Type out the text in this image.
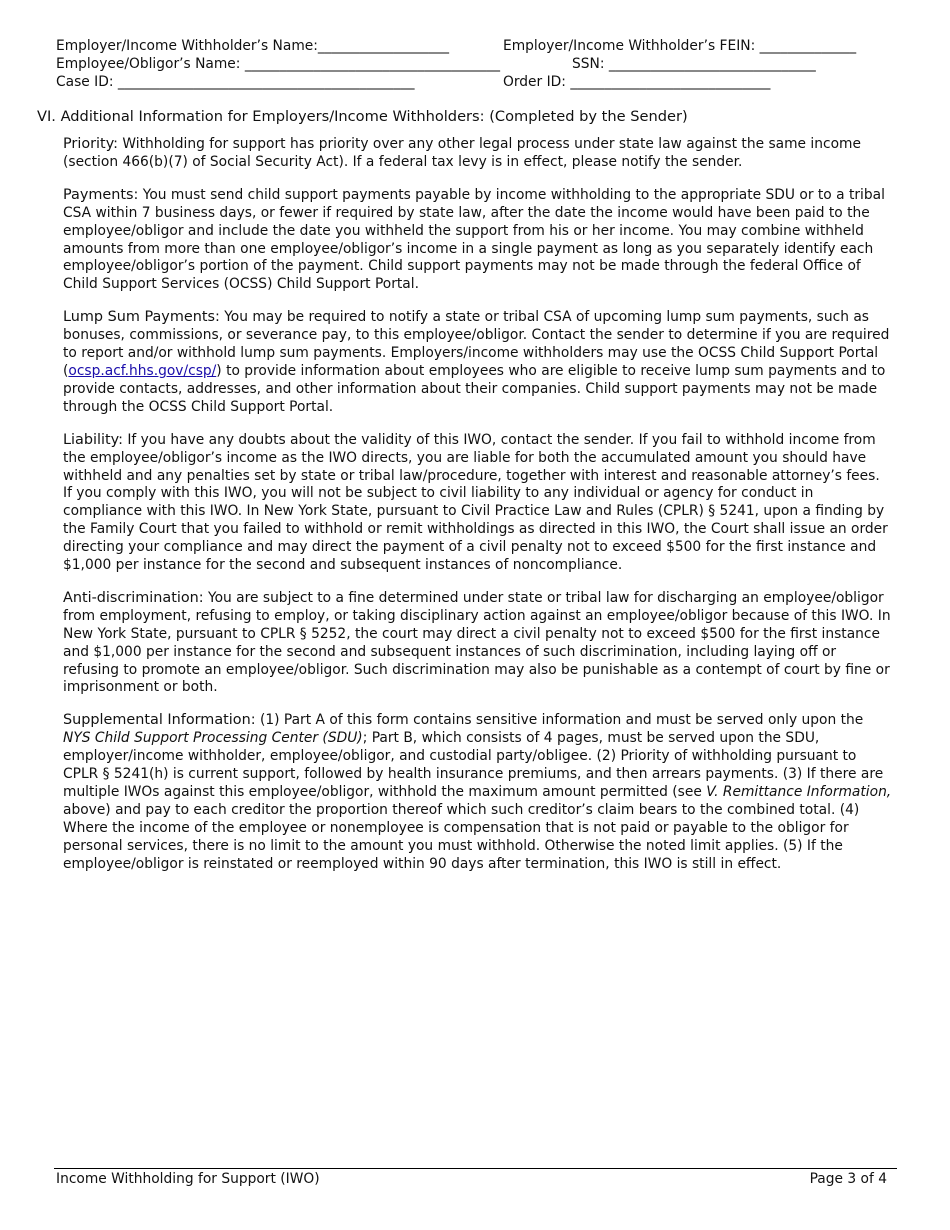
Employer/Income Withholder’s Name:___________________	Employer/Income Withholder’s FEIN: ______________
Employee/Obligor’s Name: _____________________________________	SSN: ______________________________
Case ID: ___________________________________________	Order ID: _____________________________
VI. Additional Information for Employers/Income Withholders: (Completed by the Sender)

Priority: Withholding for support has priority over any other legal process under state law against the same income (section 466(b)(7) of Social Security Act). If a federal tax levy is in effect, please notify the sender.

Payments: You must send child support payments payable by income withholding to the appropriate SDU or to a tribal CSA within 7 business days, or fewer if required by state law, after the date the income would have been paid to the employee/obligor and include the date you withheld the support from his or her income. You may combine withheld amounts from more than one employee/obligor’s income in a single payment as long as you separately identify each employee/obligor’s portion of the payment. Child support payments may not be made through the federal Office of Child Support Services (OCSS) Child Support Portal.

Lump Sum Payments: You may be required to notify a state or tribal CSA of upcoming lump sum payments, such as bonuses, commissions, or severance pay, to this employee/obligor. Contact the sender to determine if you are required to report and/or withhold lump sum payments. Employers/income withholders may use the OCSS Child Support Portal (ocsp.acf.hhs.gov/csp/) to provide information about employees who are eligible to receive lump sum payments and to provide contacts, addresses, and other information about their companies. Child support payments may not be made through the OCSS Child Support Portal.

Liability: If you have any doubts about the validity of this IWO, contact the sender. If you fail to withhold income from the employee/obligor’s income as the IWO directs, you are liable for both the accumulated amount you should have withheld and any penalties set by state or tribal law/procedure, together with interest and reasonable attorney’s fees. If you comply with this IWO, you will not be subject to civil liability to any individual or agency for conduct in compliance with this IWO. In New York State, pursuant to Civil Practice Law and Rules (CPLR) § 5241, upon a finding by the Family Court that you failed to withhold or remit withholdings as directed in this IWO, the Court shall issue an order directing your compliance and may direct the payment of a civil penalty not to exceed $500 for the first instance and $1,000 per instance for the second and subsequent instances of noncompliance.

Anti-discrimination: You are subject to a fine determined under state or tribal law for discharging an employee/obligor from employment, refusing to employ, or taking disciplinary action against an employee/obligor because of this IWO. In New York State, pursuant to CPLR § 5252, the court may direct a civil penalty not to exceed $500 for the first instance and $1,000 per instance for the second and subsequent instances of such discrimination, including laying off or refusing to promote an employee/obligor. Such discrimination may also be punishable as a contempt of court by fine or imprisonment or both.

Supplemental Information: (1) Part A of this form contains sensitive information and must be served only upon the NYS Child Support Processing Center (SDU); Part B, which consists of 4 pages, must be served upon the SDU, employer/income withholder, employee/obligor, and custodial party/obligee. (2) Priority of withholding pursuant to CPLR § 5241(h) is current support, followed by health insurance premiums, and then arrears payments. (3) If there are multiple IWOs against this employee/obligor, withhold the maximum amount permitted (see V. Remittance Information, above) and pay to each creditor the proportion thereof which such creditor’s claim bears to the combined total. (4) Where the income of the employee or nonemployee is compensation that is not paid or payable to the obligor for personal services, there is no limit to the amount you must withhold. Otherwise the noted limit applies. (5) If the employee/obligor is reinstated or reemployed within 90 days after termination, this IWO is still in effect.

Income Withholding for Support (IWO)	Page 3 of 4
